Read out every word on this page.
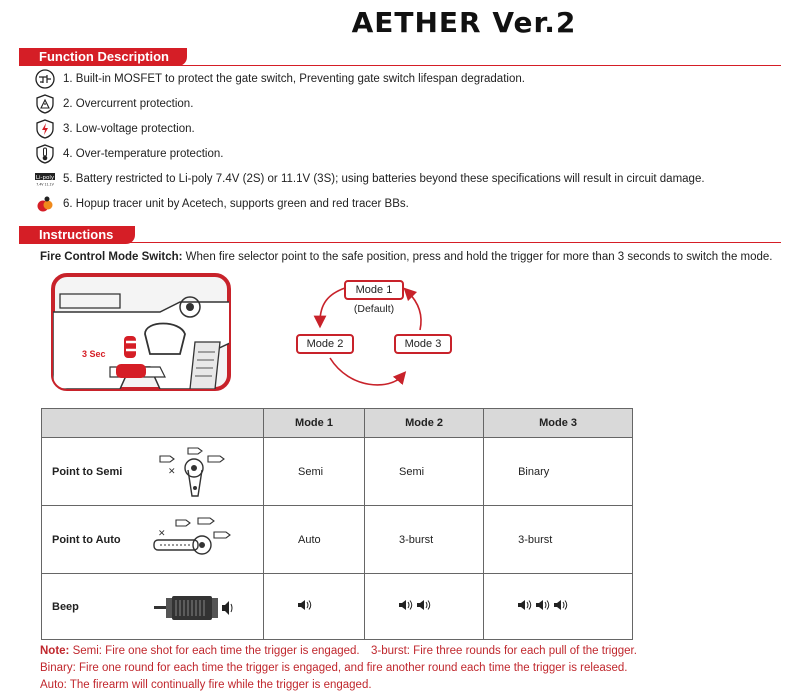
AETHER Ver.2
Function Description
1. Built-in MOSFET to protect the gate switch, Preventing gate switch lifespan degradation.
2. Overcurrent protection.
3. Low-voltage protection.
4. Over-temperature protection.
Li-poly
7.4V 11.1V 5. Battery restricted to Li-poly 7.4V (2S) or 11.1V (3S); using batteries beyond these specifications will result in circuit damage.
6. Hopup tracer unit by Acetech, supports green and red tracer BBs.
Instructions
Fire Control Mode Switch: When fire selector point to the safe position, press and hold the trigger for more than 3 seconds to switch the mode.
3 Sec
Mode 1
(Default)
Mode 2	Mode 3
	Mode 1	Mode 2	Mode 3
Point to Semi ✕	Semi	Semi	Binary
Point to Auto ✕	Auto	3-burst	3-burst
Beep

Note: Semi: Fire one shot for each time the trigger is engaged. 3-burst: Fire three rounds for each pull of the trigger.
Binary: Fire one round for each time the trigger is engaged, and fire another round each time the trigger is released.
Auto: The firearm will continually fire while the trigger is engaged.
